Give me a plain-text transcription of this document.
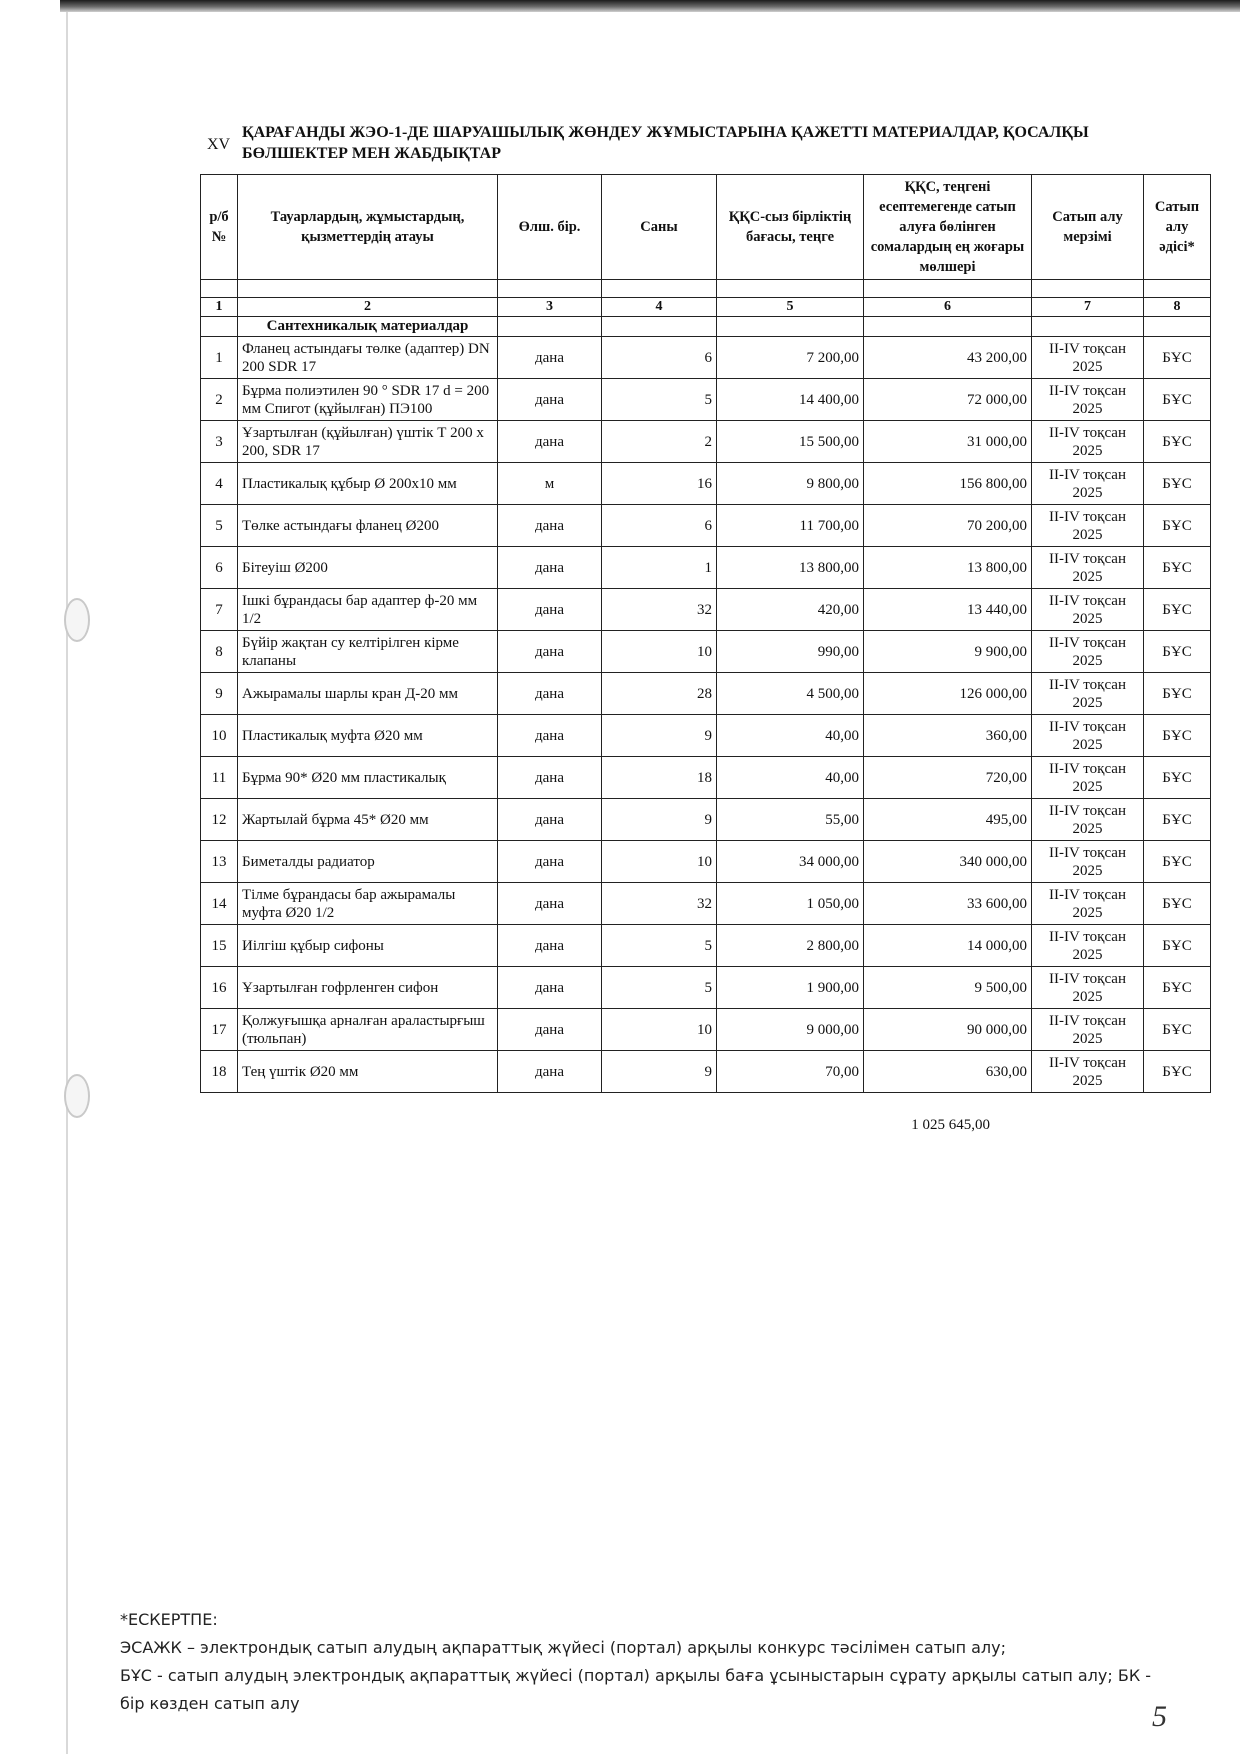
XV
ҚАРАҒАНДЫ ЖЭО-1-ДЕ ШАРУАШЫЛЫҚ ЖӨНДЕУ ЖҰМЫСТАРЫНА ҚАЖЕТТІ МАТЕРИАЛДАР, ҚОСАЛҚЫ БӨЛШЕКТЕР МЕН ЖАБДЫҚТАР
р/б №	Тауарлардың, жұмыстардың, қызметтердің атауы	Өлш. бір.	Саны	ҚҚС-сыз бірліктің бағасы, теңге	ҚҚС, теңгені есептемегенде сатып алуға бөлінген сомалардың ең жоғары мөлшері	Сатып алу мерзімі	Сатып алу әдісі*

1	2	3	4	5	6	7	8
	Сантехникалық материалдар						
1	Фланец астындағы төлке (адаптер) DN 200 SDR 17	дана	6	7 200,00	43 200,00	II-IV тоқсан 2025	БҰС
2	Бұрма полиэтилен 90 ° SDR 17 d = 200 мм Спигот (құйылған) ПЭ100	дана	5	14 400,00	72 000,00	II-IV тоқсан 2025	БҰС
3	Ұзартылған (құйылған) үштік Т 200 x 200, SDR 17	дана	2	15 500,00	31 000,00	II-IV тоқсан 2025	БҰС
4	Пластикалық құбыр Ø 200x10 мм	м	16	9 800,00	156 800,00	II-IV тоқсан 2025	БҰС
5	Төлке астындағы фланец Ø200	дана	6	11 700,00	70 200,00	II-IV тоқсан 2025	БҰС
6	Бітеуіш Ø200	дана	1	13 800,00	13 800,00	II-IV тоқсан 2025	БҰС
7	Ішкі бұрандасы бар адаптер ф-20 мм 1/2	дана	32	420,00	13 440,00	II-IV тоқсан 2025	БҰС
8	Бүйір жақтан су келтірілген кірме клапаны	дана	10	990,00	9 900,00	II-IV тоқсан 2025	БҰС
9	Ажырамалы шарлы кран Д-20 мм	дана	28	4 500,00	126 000,00	II-IV тоқсан 2025	БҰС
10	Пластикалық муфта Ø20 мм	дана	9	40,00	360,00	II-IV тоқсан 2025	БҰС
11	Бұрма 90* Ø20 мм пластикалық	дана	18	40,00	720,00	II-IV тоқсан 2025	БҰС
12	Жартылай бұрма 45* Ø20 мм	дана	9	55,00	495,00	II-IV тоқсан 2025	БҰС
13	Биметалды радиатор	дана	10	34 000,00	340 000,00	II-IV тоқсан 2025	БҰС
14	Тілме бұрандасы бар ажырамалы муфта Ø20 1/2	дана	32	1 050,00	33 600,00	II-IV тоқсан 2025	БҰС
15	Иілгіш құбыр сифоны	дана	5	2 800,00	14 000,00	II-IV тоқсан 2025	БҰС
16	Ұзартылған гофрленген сифон	дана	5	1 900,00	9 500,00	II-IV тоқсан 2025	БҰС
17	Қолжуғышқа арналған араластырғыш (тюльпан)	дана	10	9 000,00	90 000,00	II-IV тоқсан 2025	БҰС
18	Тең үштік Ø20 мм	дана	9	70,00	630,00	II-IV тоқсан 2025	БҰС
1 025 645,00

*ЕСКЕРТПЕ:

ЭСАЖК – электрондық сатып алудың ақпараттық жүйесі (портал) арқылы конкурс тәсілімен сатып алу;

БҰС - сатып алудың электрондық ақпараттық жүйесі (портал) арқылы баға ұсыныстарын сұрату арқылы сатып алу; БК - бір көзден сатып алу	5
